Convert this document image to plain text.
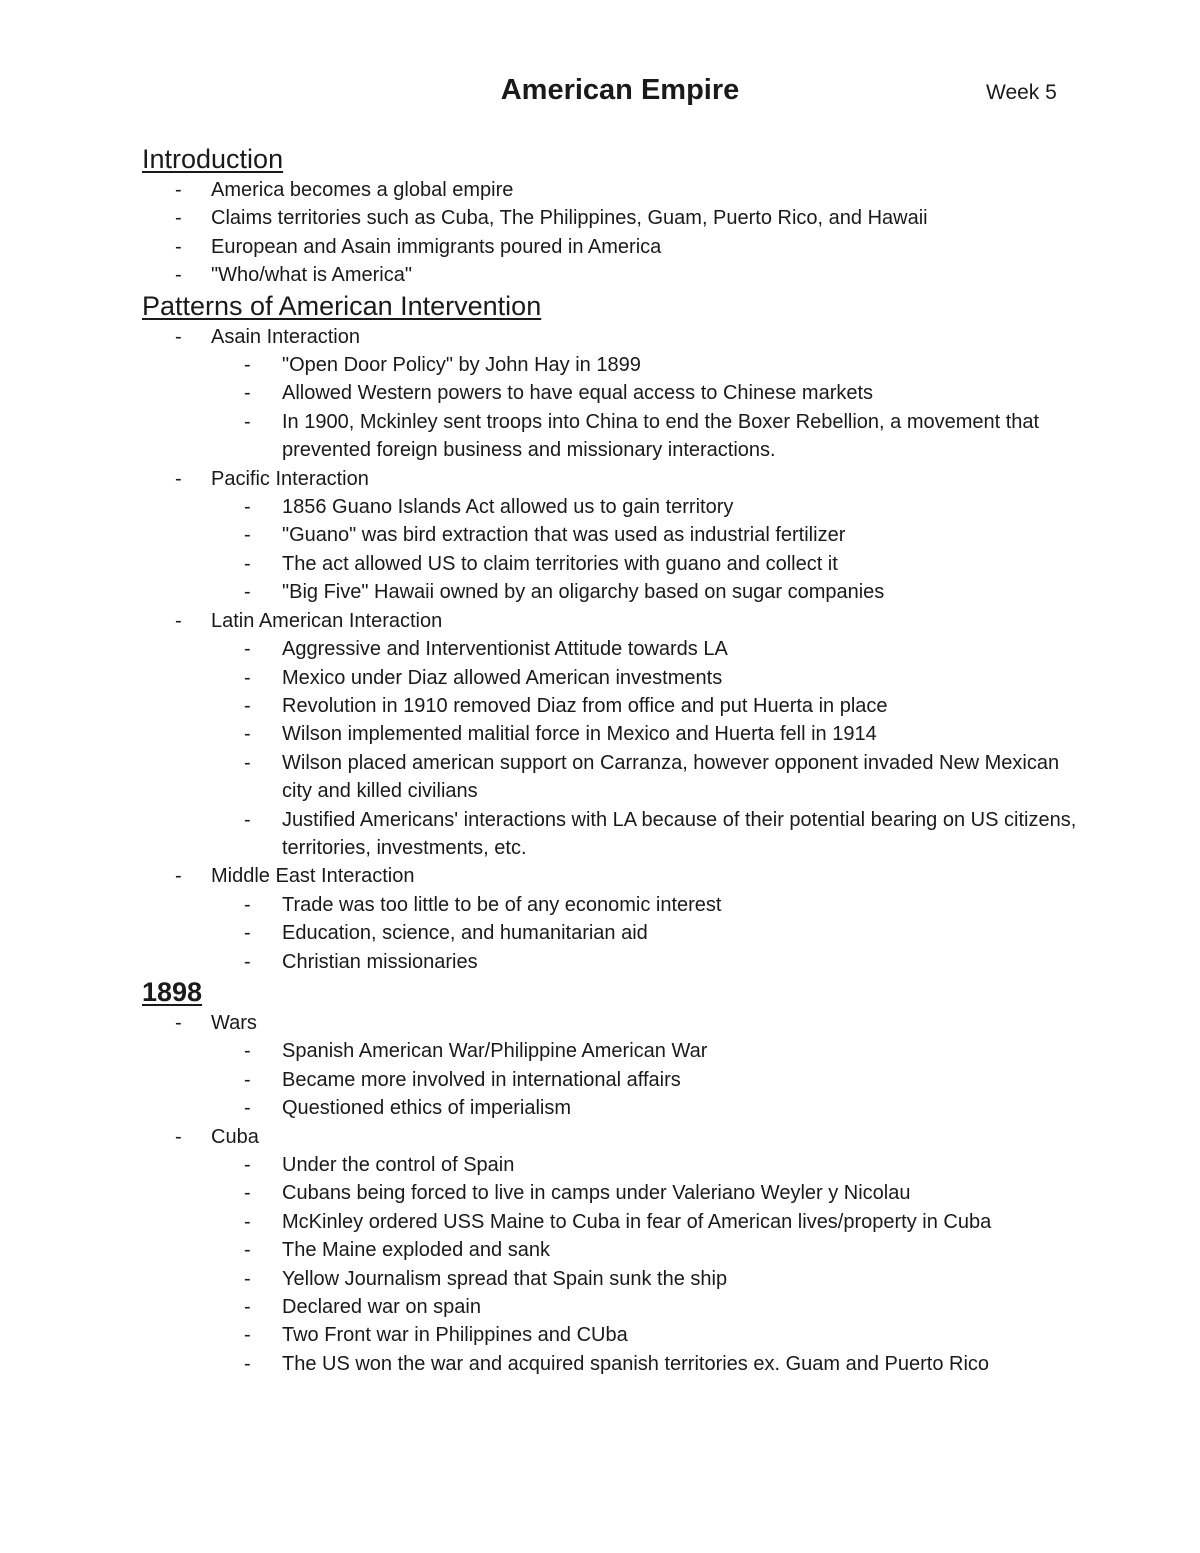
American Empire	Week 5
Introduction
- America becomes a global empire
- Claims territories such as Cuba, The Philippines, Guam, Puerto Rico, and Hawaii
- European and Asain immigrants poured in America
- "Who/what is America"
Patterns of American Intervention
- Asain Interaction
- "Open Door Policy" by John Hay in 1899
- Allowed Western powers to have equal access to Chinese markets
- In 1900, Mckinley sent troops into China to end the Boxer Rebellion, a movement that prevented foreign business and missionary interactions.
- Pacific Interaction
- 1856 Guano Islands Act allowed us to gain territory
- "Guano" was bird extraction that was used as industrial fertilizer
- The act allowed US to claim territories with guano and collect it
- "Big Five" Hawaii owned by an oligarchy based on sugar companies
- Latin American Interaction
- Aggressive and Interventionist Attitude towards LA
- Mexico under Diaz allowed American investments
- Revolution in 1910 removed Diaz from office and put Huerta in place
- Wilson implemented malitial force in Mexico and Huerta fell in 1914
- Wilson placed american support on Carranza, however opponent invaded New Mexican city and killed civilians
- Justified Americans' interactions with LA because of their potential bearing on US citizens, territories, investments, etc.
- Middle East Interaction
- Trade was too little to be of any economic interest
- Education, science, and humanitarian aid
- Christian missionaries
1898
- Wars
- Spanish American War/Philippine American War
- Became more involved in international affairs
- Questioned ethics of imperialism
- Cuba
- Under the control of Spain
- Cubans being forced to live in camps under Valeriano Weyler y Nicolau
- McKinley ordered USS Maine to Cuba in fear of American lives/property in Cuba
- The Maine exploded and sank
- Yellow Journalism spread that Spain sunk the ship
- Declared war on spain
- Two Front war in Philippines and CUba
- The US won the war and acquired spanish territories ex. Guam and Puerto Rico
